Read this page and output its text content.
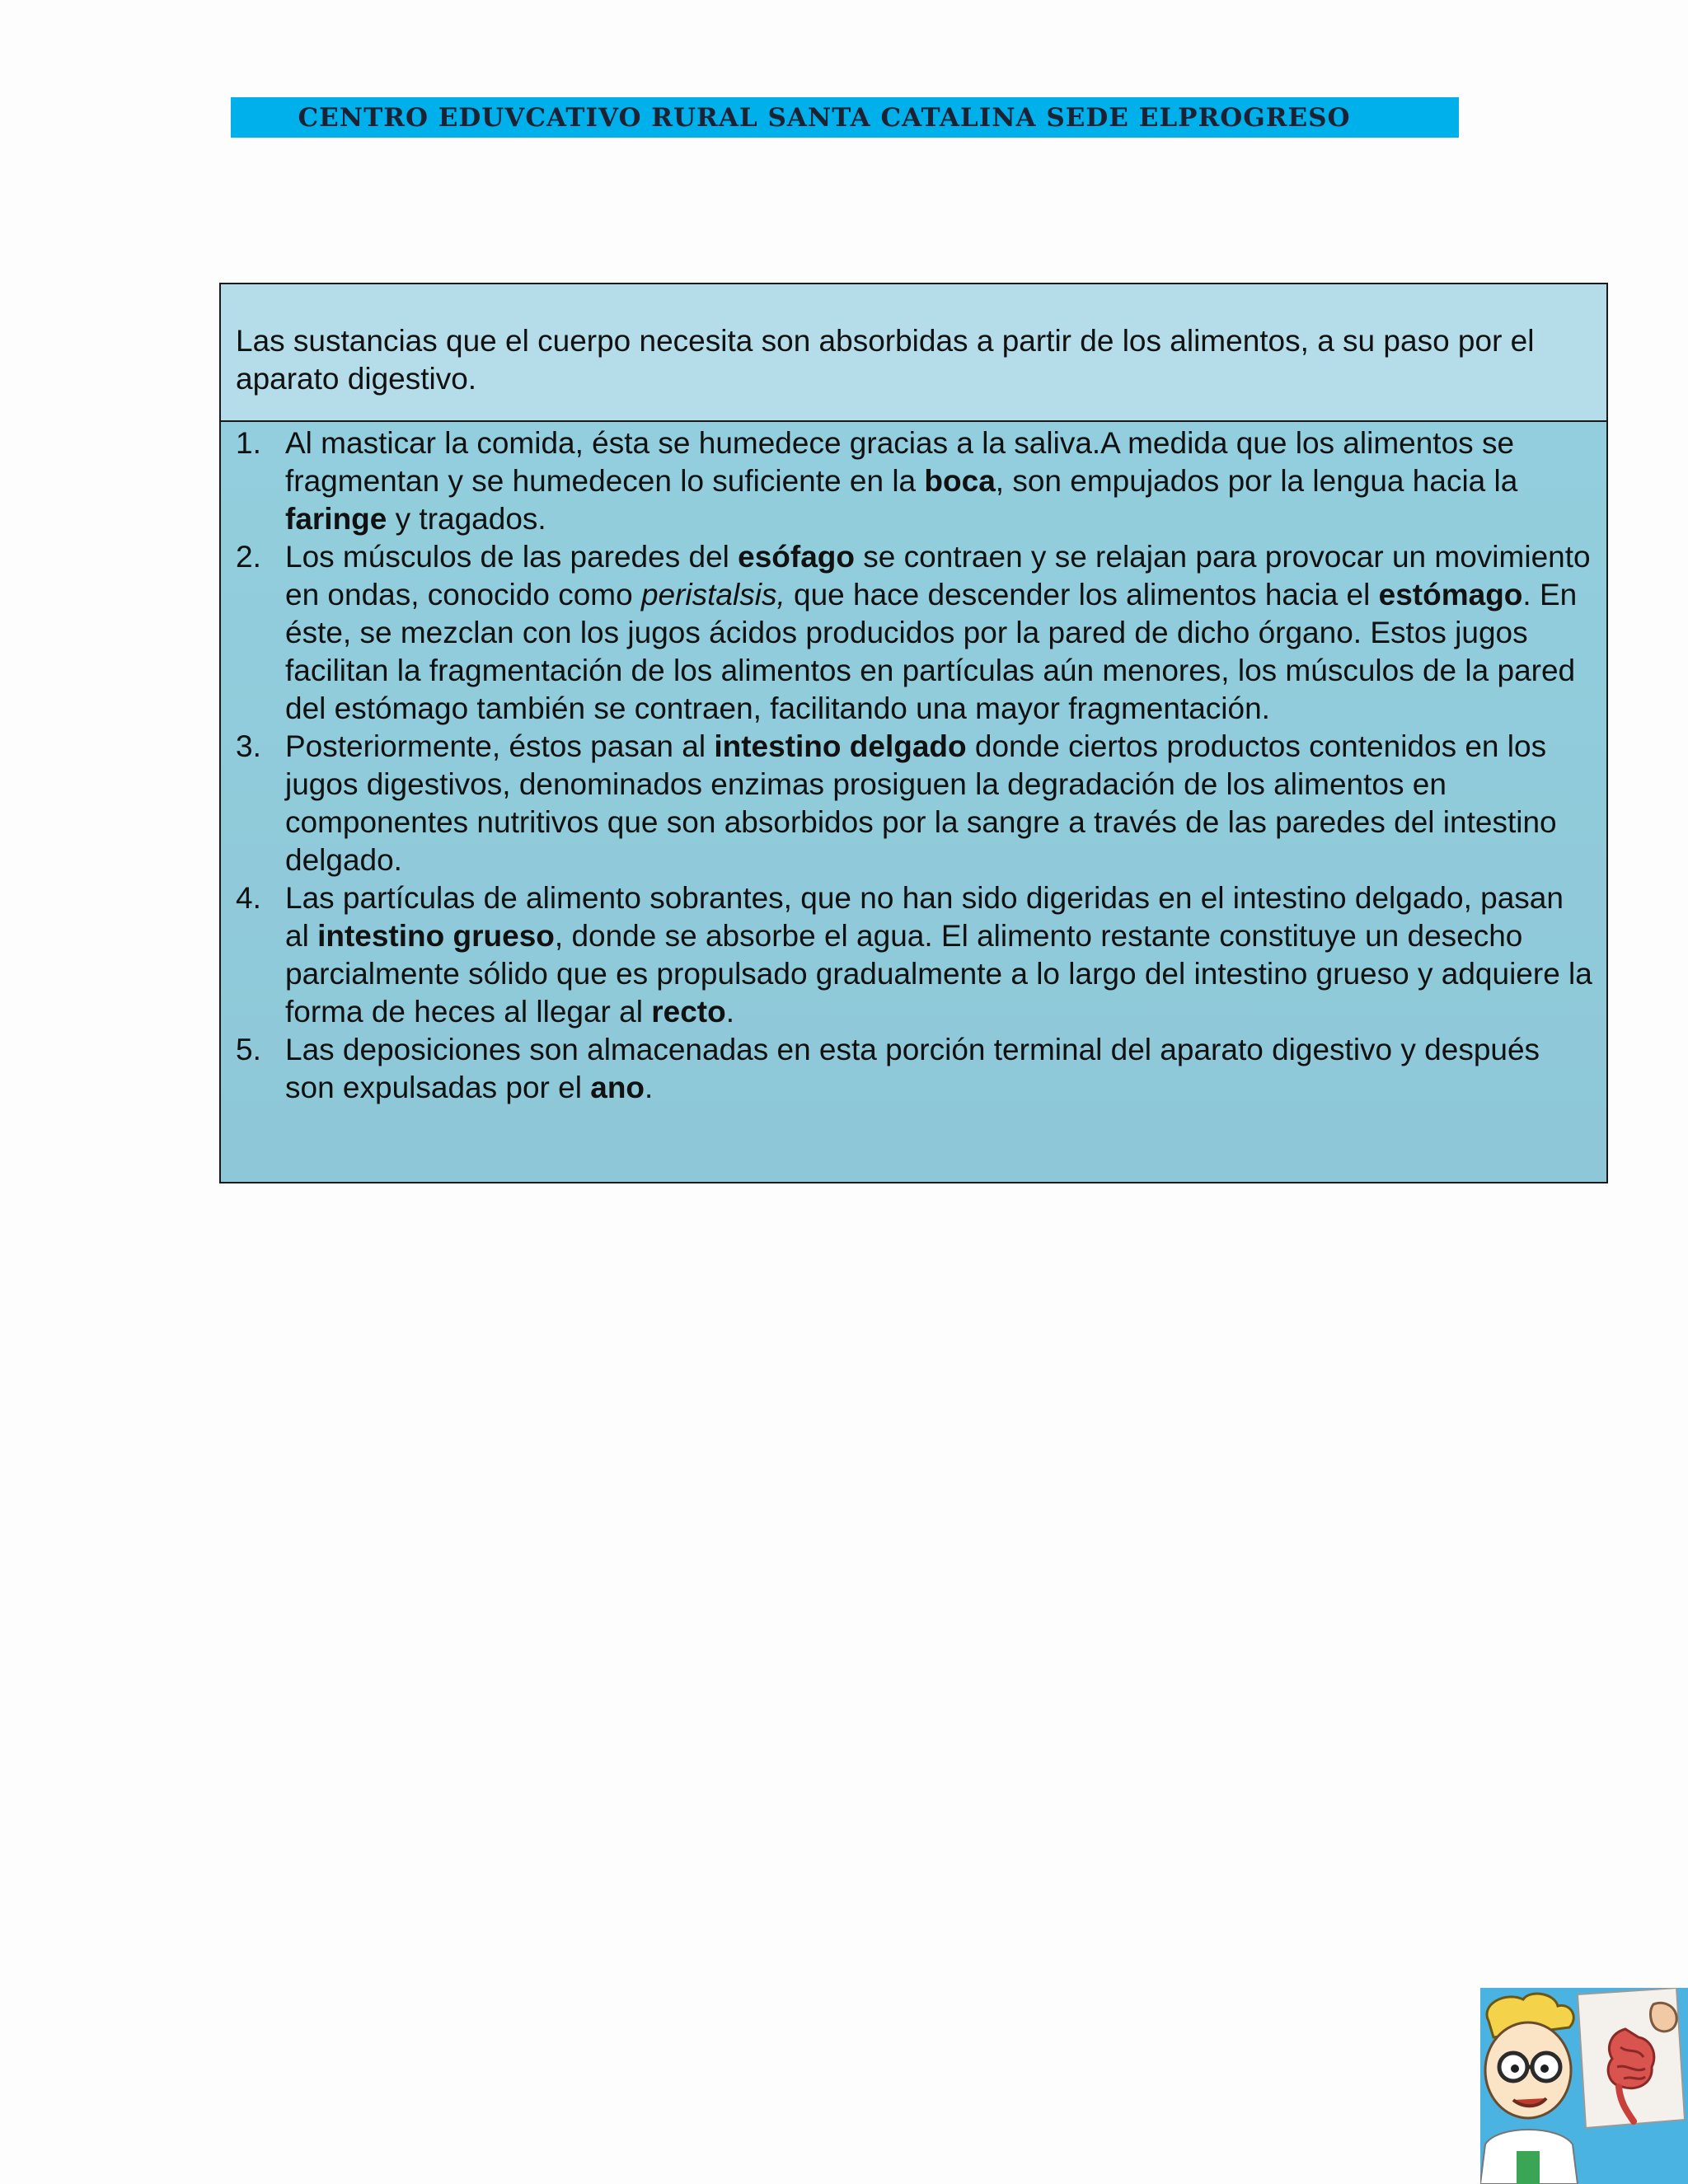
CENTRO EDUVCATIVO RURAL SANTA CATALINA SEDE ELPROGRESO
Las sustancias que el cuerpo necesita son absorbidas a partir de los alimentos, a su paso por el aparato digestivo.
1. Al masticar la comida, ésta se humedece gracias a la saliva.A medida que los alimentos se fragmentan y se humedecen lo suficiente en la boca, son empujados por la lengua hacia la faringe y tragados.
2. Los músculos de las paredes del esófago se contraen y se relajan para provocar un movimiento en ondas, conocido como peristalsis, que hace descender los alimentos hacia el estómago. En éste, se mezclan con los jugos ácidos producidos por la pared de dicho órgano. Estos jugos facilitan la fragmentación de los alimentos en partículas aún menores, los músculos de la pared del estómago también se contraen, facilitando una mayor fragmentación.
3. Posteriormente, éstos pasan al intestino delgado donde ciertos productos contenidos en los jugos digestivos, denominados enzimas prosiguen la degradación de los alimentos en componentes nutritivos que son absorbidos por la sangre a través de las paredes del intestino delgado.
4. Las partículas de alimento sobrantes, que no han sido digeridas en el intestino delgado, pasan al intestino grueso, donde se absorbe el agua. El alimento restante constituye un desecho parcialmente sólido que es propulsado gradualmente a lo largo del intestino grueso y adquiere la forma de heces al llegar al recto.
5. Las deposiciones son almacenadas en esta porción terminal del aparato digestivo y después son expulsadas por el ano.
